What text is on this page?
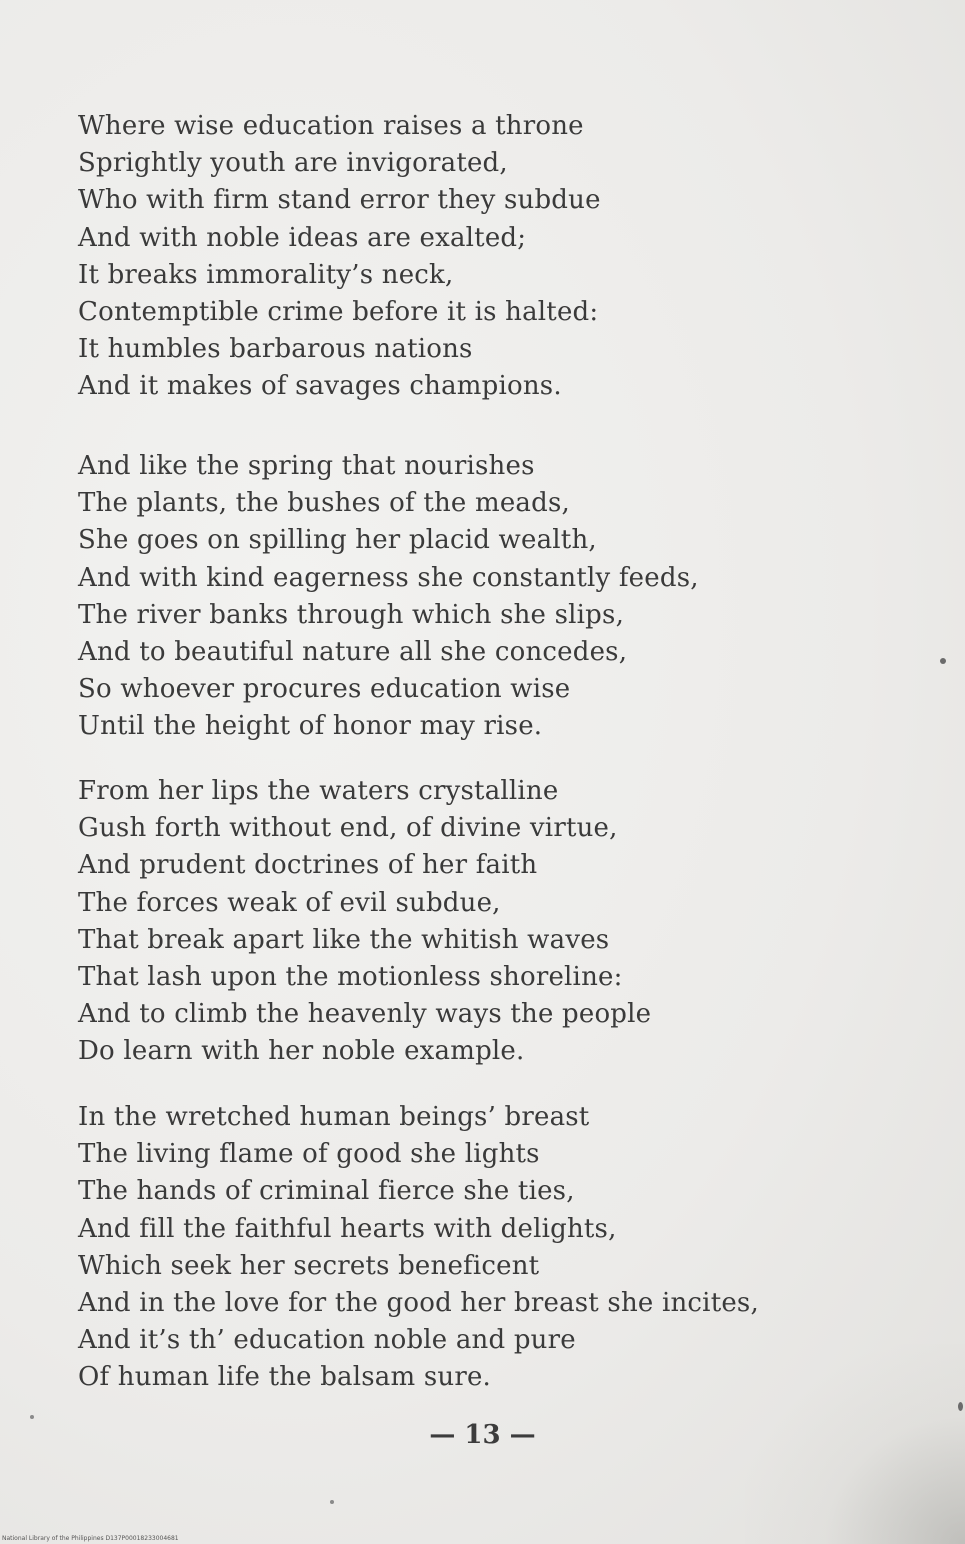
Where wise education raises a throne
Sprightly youth are invigorated,
Who with firm stand error they subdue
And with noble ideas are exalted;
It breaks immorality’s neck,
Contemptible crime before it is halted:
It humbles barbarous nations
And it makes of savages champions.
And like the spring that nourishes
The plants, the bushes of the meads,
She goes on spilling her placid wealth,
And with kind eagerness she constantly feeds,
The river banks through which she slips,
And to beautiful nature all she concedes,
So whoever procures education wise
Until the height of honor may rise.
From her lips the waters crystalline
Gush forth without end, of divine virtue,
And prudent doctrines of her faith
The forces weak of evil subdue,
That break apart like the whitish waves
That lash upon the motionless shoreline:
And to climb the heavenly ways the people
Do learn with her noble example.
In the wretched human beings’ breast
The living flame of good she lights
The hands of criminal fierce she ties,
And fill the faithful hearts with delights,
Which seek her secrets beneficent
And in the love for the good her breast she incites,
And it’s th’ education noble and pure
Of human life the balsam sure.
— 13 —
National Library of the Philippines D137P00018233004681
